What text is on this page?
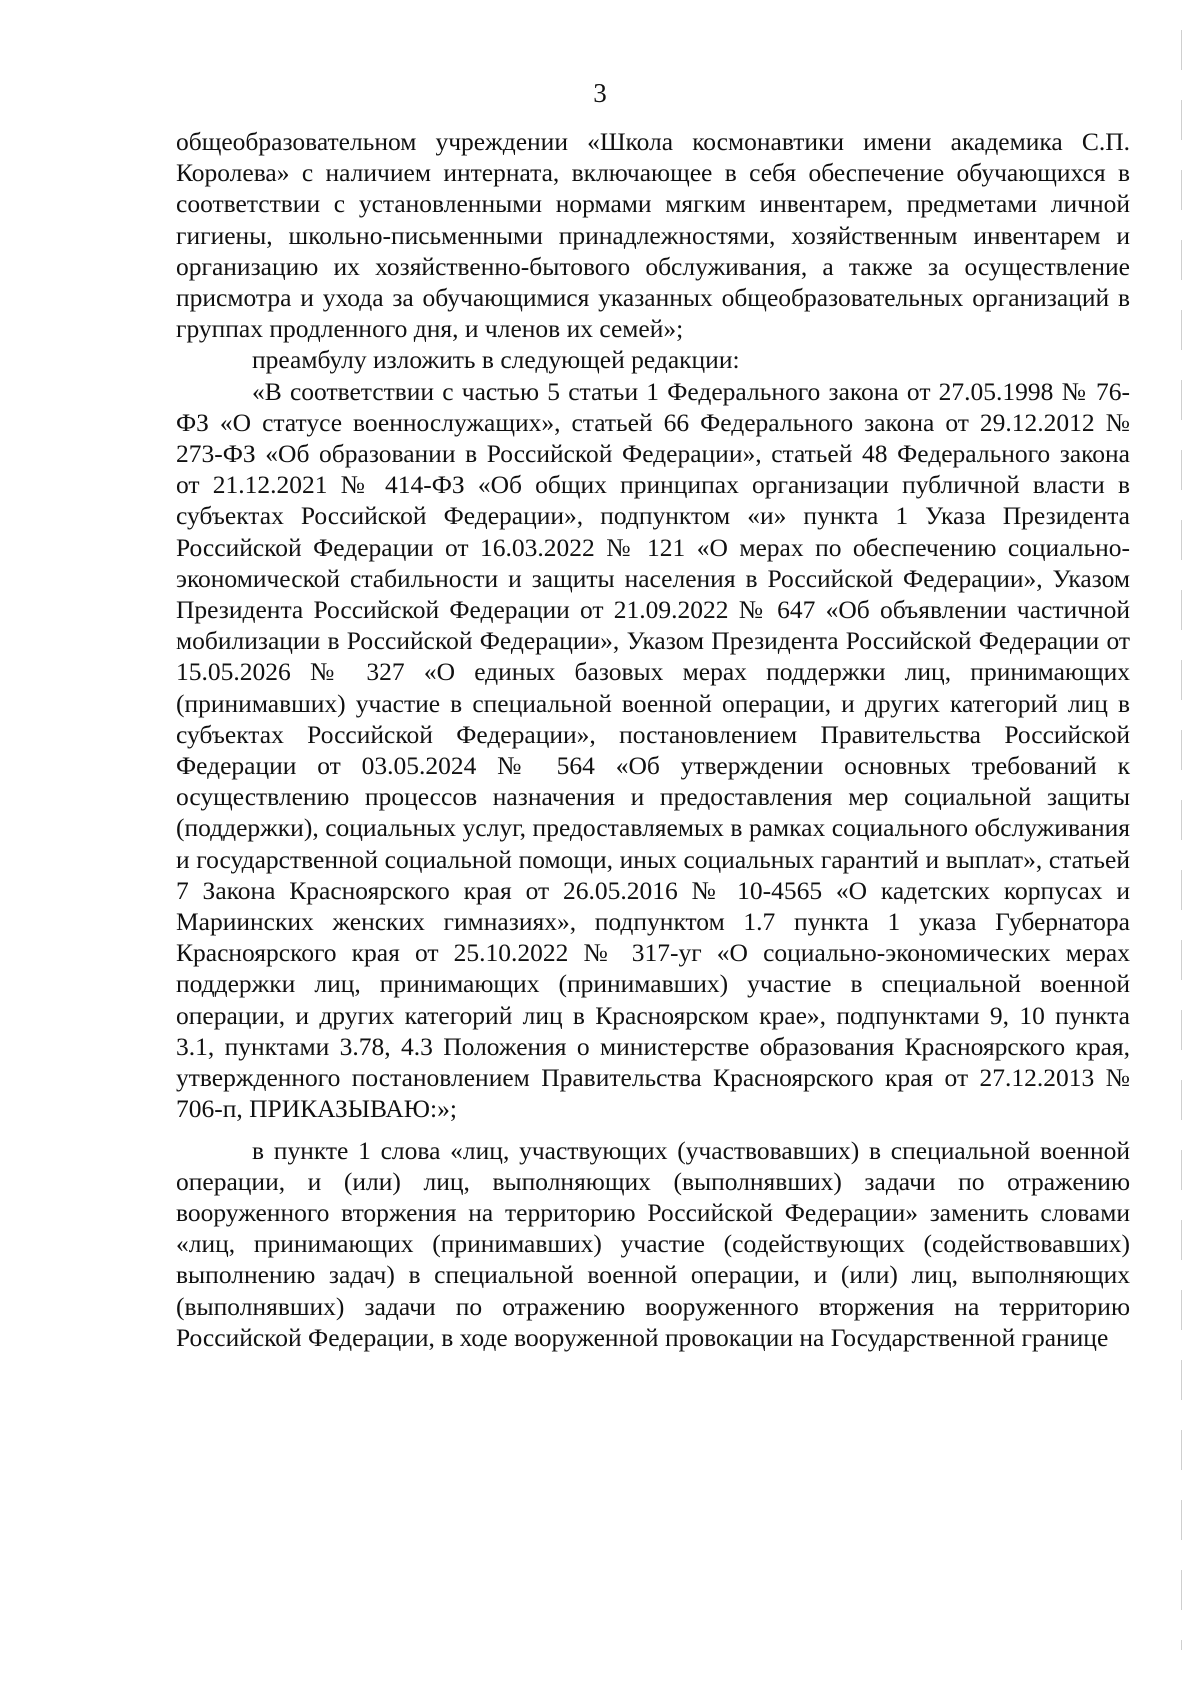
3

общеобразовательном учреждении «Школа космонавтики имени академика С.П. Королева» с наличием интерната, включающее в себя обеспечение обучающихся в соответствии с установленными нормами мягким инвентарем, предметами личной гигиены, школьно-письменными принадлежностями, хозяйственным инвентарем и организацию их хозяйственно-бытового обслуживания, а также за осуществление присмотра и ухода за обучающимися указанных общеобразовательных организаций в группах продленного дня, и членов их семей»;

преамбулу изложить в следующей редакции:

«В соответствии с частью 5 статьи 1 Федерального закона от 27.05.1998 № 76-ФЗ «О статусе военнослужащих», статьей 66 Федерального закона от 29.12.2012 № 273-ФЗ «Об образовании в Российской Федерации», статьей 48 Федерального закона от 21.12.2021 № 414-ФЗ «Об общих принципах организации публичной власти в субъектах Российской Федерации», подпунктом «и» пункта 1 Указа Президента Российской Федерации от 16.03.2022 № 121 «О мерах по обеспечению социально-экономической стабильности и защиты населения в Российской Федерации», Указом Президента Российской Федерации от 21.09.2022 № 647 «Об объявлении частичной мобилизации в Российской Федерации», Указом Президента Российской Федерации от 15.05.2026 № 327 «О единых базовых мерах поддержки лиц, принимающих (принимавших) участие в специальной военной операции, и других категорий лиц в субъектах Российской Федерации», постановлением Правительства Российской Федерации от 03.05.2024 № 564 «Об утверждении основных требований к осуществлению процессов назначения и предоставления мер социальной защиты (поддержки), социальных услуг, предоставляемых в рамках социального обслуживания и государственной социальной помощи, иных социальных гарантий и выплат», статьей 7 Закона Красноярского края от 26.05.2016 № 10-4565 «О кадетских корпусах и Мариинских женских гимназиях», подпунктом 1.7 пункта 1 указа Губернатора Красноярского края от 25.10.2022 № 317-уг «О социально-экономических мерах поддержки лиц, принимающих (принимавших) участие в специальной военной операции, и других категорий лиц в Красноярском крае», подпунктами 9, 10 пункта 3.1, пунктами 3.78, 4.3 Положения о министерстве образования Красноярского края, утвержденного постановлением Правительства Красноярского края от 27.12.2013 № 706-п, ПРИКАЗЫВАЮ:»;

в пункте 1 слова «лиц, участвующих (участвовавших) в специальной военной операции, и (или) лиц, выполняющих (выполнявших) задачи по отражению вооруженного вторжения на территорию Российской Федерации» заменить словами «лиц, принимающих (принимавших) участие (содействующих (содействовавших) выполнению задач) в специальной военной операции, и (или) лиц, выполняющих (выполнявших) задачи по отражению вооруженного вторжения на территорию Российской Федерации, в ходе вооруженной провокации на Государственной границе
